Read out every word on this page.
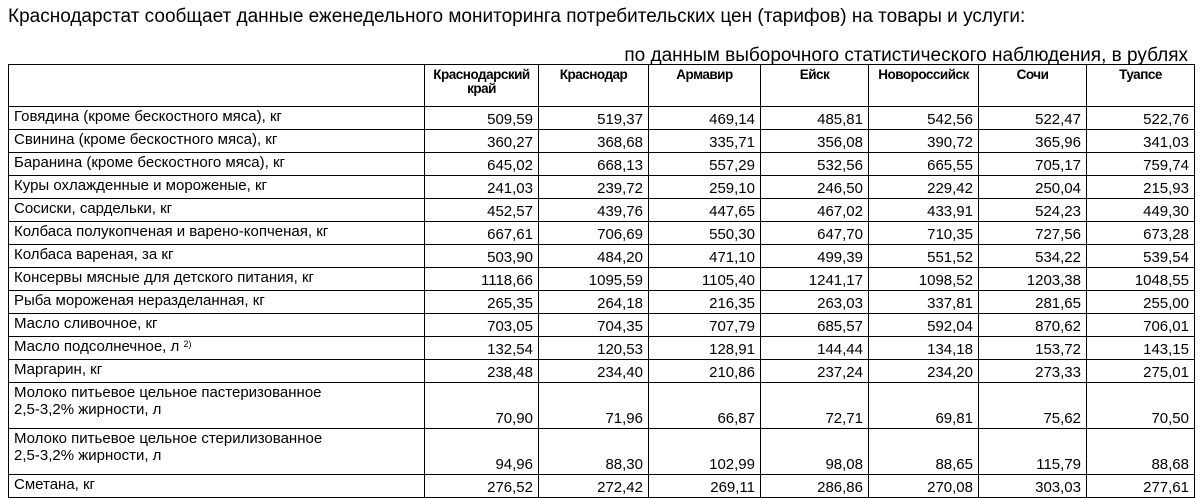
Краснодарстат сообщает данные еженедельного мониторинга потребительских цен (тарифов) на товары и услуги:
по данным выборочного статистического наблюдения, в рублях
	Краснодарский край	Краснодар	Армавир	Ейск	Новороссийск	Сочи	Туапсе
Говядина (кроме бескостного мяса), кг	509,59	519,37	469,14	485,81	542,56	522,47	522,76
Свинина (кроме бескостного мяса), кг	360,27	368,68	335,71	356,08	390,72	365,96	341,03
Баранина (кроме бескостного мяса), кг	645,02	668,13	557,29	532,56	665,55	705,17	759,74
Куры охлажденные и мороженые, кг	241,03	239,72	259,10	246,50	229,42	250,04	215,93
Сосиски, сардельки, кг	452,57	439,76	447,65	467,02	433,91	524,23	449,30
Колбаса полукопченая и варено-копченая, кг	667,61	706,69	550,30	647,70	710,35	727,56	673,28
Колбаса вареная, за кг	503,90	484,20	471,10	499,39	551,52	534,22	539,54
Консервы мясные для детского питания, кг	1118,66	1095,59	1105,40	1241,17	1098,52	1203,38	1048,55
Рыба мороженая неразделанная, кг	265,35	264,18	216,35	263,03	337,81	281,65	255,00
Масло сливочное, кг	703,05	704,35	707,79	685,57	592,04	870,62	706,01
Масло подсолнечное, л $^{2)}$	132,54	120,53	128,91	144,44	134,18	153,72	143,15
Маргарин, кг	238,48	234,40	210,86	237,24	234,20	273,33	275,01
Молоко питьевое цельное пастеризованное
2,5-3,2% жирности, л	70,90	71,96	66,87	72,71	69,81	75,62	70,50
Молоко питьевое цельное стерилизованное
2,5-3,2% жирности, л	94,96	88,30	102,99	98,08	88,65	115,79	88,68
Сметана, кг	276,52	272,42	269,11	286,86	270,08	303,03	277,61
